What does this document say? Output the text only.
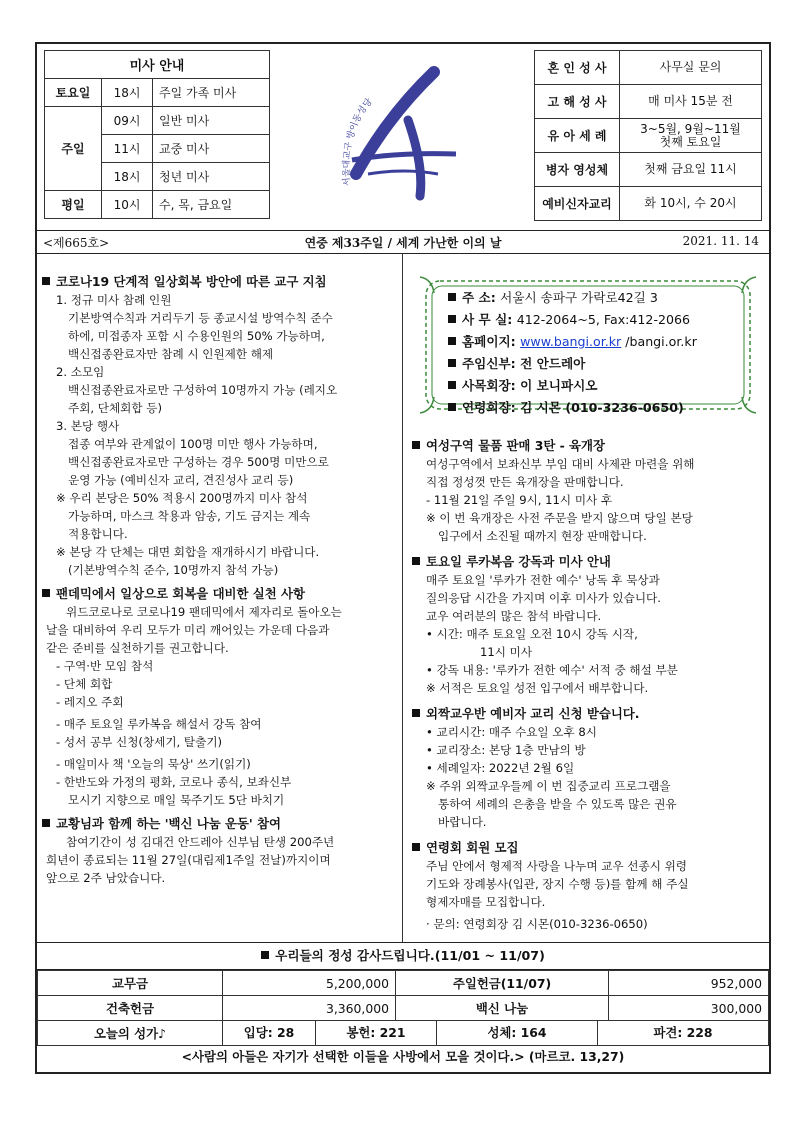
미사 안내		
토요일	18시	주일 가족 미사
주일	09시	일반 미사
	11시	교중 미사
	18시	청년 미사
평일	10시	수, 목, 금요일
서울대교구 방이동성당
혼 인 성 사	사무실 문의
고 해 성 사	매 미사 15분 전
유 아 세 례	3~5월, 9월~11월
첫째 토요일

병자 영성체	첫째 금요일 11시
예비신자교리	화 10시, 수 20시
<제665호>	연중 제33주일 / 세계 가난한 이의 날	2021. 11. 14

코로나19 단계적 일상회복 방안에 따른 교구 지침

1. 정규 미사 참례 인원

기본방역수칙과 거리두기 등 종교시설 방역수칙 준수

하에, 미접종자 포함 시 수용인원의 50% 가능하며,

백신접종완료자만 참례 시 인원제한 해제

2. 소모임

백신접종완료자로만 구성하여 10명까지 가능 (레지오

주회, 단체회합 등)

3. 본당 행사

접종 여부와 관계없이 100명 미만 행사 가능하며,

백신접종완료자로만 구성하는 경우 500명 미만으로

운영 가능 (예비신자 교리, 견진성사 교리 등)

※ 우리 본당은 50% 적용시 200명까지 미사 참석

가능하며, 마스크 착용과 암송, 기도 금지는 계속

적용합니다.

※ 본당 각 단체는 대면 회합을 재개하시기 바랍니다.

(기본방역수칙 준수, 10명까지 참석 가능)

팬데믹에서 일상으로 회복을 대비한 실천 사항

위드코로나로 코로나19 팬데믹에서 제자리로 돌아오는

날을 대비하여 우리 모두가 미리 깨어있는 가운데 다음과

같은 준비를 실천하기를 권고합니다.

- 구역·반 모임 참석

- 단체 회합

- 레지오 주회

- 매주 토요일 루카복음 해설서 강독 참여

- 성서 공부 신청(창세기, 탈출기)

- 매일미사 책 '오늘의 묵상' 쓰기(읽기)

- 한반도와 가정의 평화, 코로나 종식, 보좌신부

모시기 지향으로 매일 묵주기도 5단 바치기

교황님과 함께 하는 '백신 나눔 운동' 참여

참여기간이 성 김대건 안드레아 신부님 탄생 200주년

희년이 종료되는 11월 27일(대림제1주일 전날)까지이며

앞으로 2주 남았습니다.

주 소: 서울시 송파구 가락로42길 3
사 무 실: 412-2064~5, Fax:412-2066
홈페이지: www.bangi.or.kr /bangi.or.kr
주임신부: 전 안드레아
사목회장: 이 보니파시오
연령회장: 김 시몬 (010-3236-0650)

여성구역 물품 판매 3탄 - 육개장

여성구역에서 보좌신부 부임 대비 사제관 마련을 위해

직접 정성껏 만든 육개장을 판매합니다.

- 11월 21일 주일 9시, 11시 미사 후

※ 이 번 육개장은 사전 주문을 받지 않으며 당일 본당

입구에서 소진될 때까지 현장 판매합니다.

토요일 루카복음 강독과 미사 안내

매주 토요일 '루카가 전한 예수' 낭독 후 묵상과

질의응답 시간을 가지며 이후 미사가 있습니다.

교우 여러분의 많은 참석 바랍니다.

• 시간: 매주 토요일 오전 10시 강독 시작,

11시 미사

• 강독 내용: '루카가 전한 예수' 서적 중 해설 부분

※ 서적은 토요일 성전 입구에서 배부합니다.

외짝교우반 예비자 교리 신청 받습니다.

• 교리시간: 매주 수요일 오후 8시

• 교리장소: 본당 1층 만남의 방

• 세례일자: 2022년 2월 6일

※ 주위 외짝교우들께 이 번 집중교리 프로그램을

통하여 세례의 은총을 받을 수 있도록 많은 권유

바랍니다.

연령회 회원 모집

주님 안에서 형제적 사랑을 나누며 교우 선종시 위령

기도와 장례봉사(입관, 장지 수행 등)를 함께 해 주실

형제자매를 모집합니다.

· 문의: 연령회장 김 시몬(010-3236-0650)

우리들의 정성 감사드립니다.(11/01 ~ 11/07)
교무금	5,200,000	주일헌금(11/07)	952,000
건축헌금	3,360,000	백신 나눔	300,000
오늘의 성가♪	입당: 28 봉헌: 221 성체: 164 파견: 228		
<사람의 아들은 자기가 선택한 이들을 사방에서 모을 것이다.> (마르코. 13,27)
